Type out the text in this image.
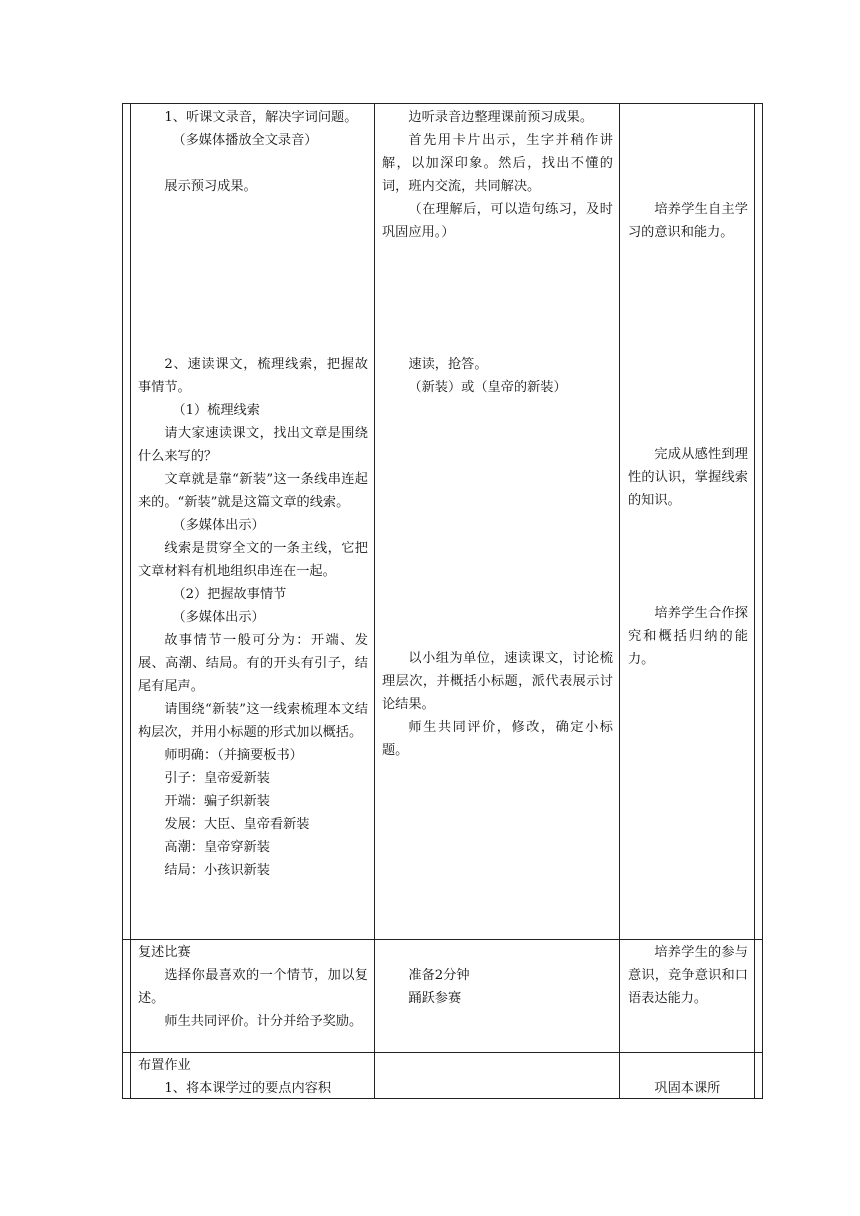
1、听课文录音，解决字词问题。

（多媒体播放全文录音）

展示预习成果。

边听录音边整理课前预习成果。

首先用卡片出示，生字并稍作讲解，以加深印象。然后，找出不懂的词，班内交流，共同解决。

（在理解后，可以造句练习，及时巩固应用。）

培养学生自主学习的意识和能力。

2、速读课文，梳理线索，把握故事情节。

（1）梳理线索

请大家速读课文，找出文章是围绕什么来写的？

文章就是靠“新装”这一条线串连起来的。“新装”就是这篇文章的线索。

（多媒体出示）

线索是贯穿全文的一条主线，它把文章材料有机地组织串连在一起。

（2）把握故事情节

（多媒体出示）

故事情节一般可分为：开端、发展、高潮、结局。有的开头有引子，结尾有尾声。

请围绕“新装”这一线索梳理本文结构层次，并用小标题的形式加以概括。

师明确：（并摘要板书）

引子：皇帝爱新装

开端：骗子织新装

发展：大臣、皇帝看新装

高潮：皇帝穿新装

结局：小孩识新装

速读，抢答。

（新装）或（皇帝的新装）

以小组为单位，速读课文，讨论梳理层次，并概括小标题，派代表展示讨论结果。

师生共同评价，修改，确定小标题。

完成从感性到理性的认识，掌握线索的知识。

培养学生合作探究和概括归纳的能力。

复述比赛

选择你最喜欢的一个情节，加以复述。

师生共同评价。计分并给予奖励。

准备2分钟

踊跃参赛

培养学生的参与意识，竞争意识和口语表达能力。

布置作业

1、将本课学过的要点内容积	巩固本课所
